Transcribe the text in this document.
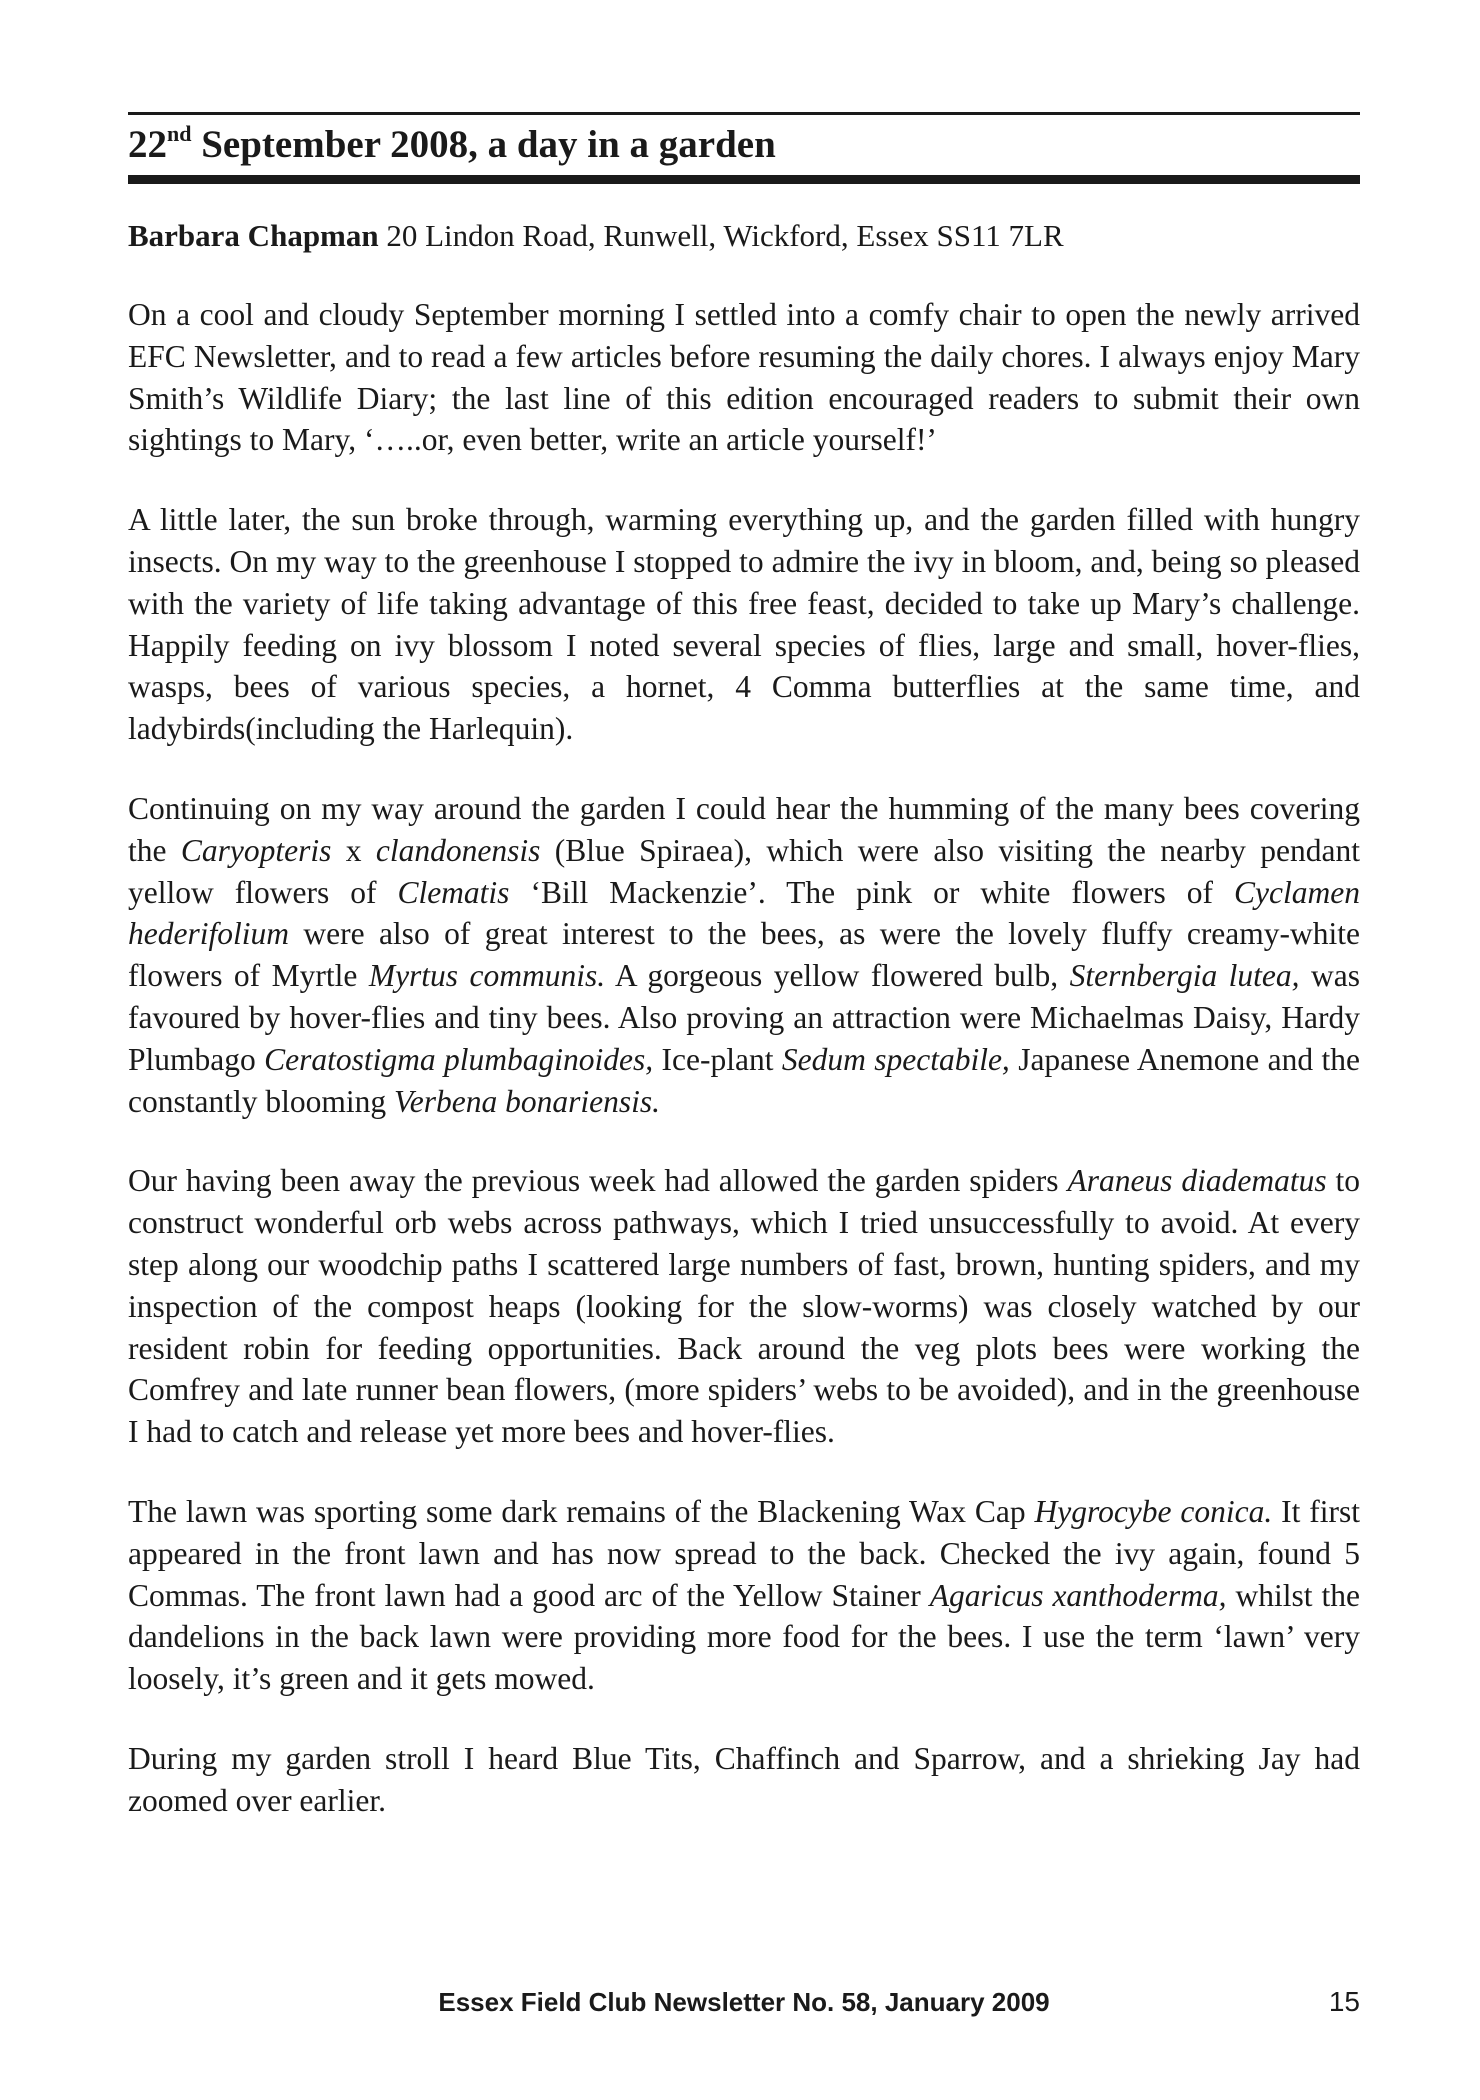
22nd September 2008, a day in a garden
Barbara Chapman 20 Lindon Road, Runwell, Wickford, Essex SS11 7LR

On a cool and cloudy September morning I settled into a comfy chair to open the newly arrived EFC Newsletter, and to read a few articles before resuming the daily chores. I always enjoy Mary Smith’s Wildlife Diary; the last line of this edition encouraged readers to submit their own sightings to Mary, ‘…..or, even better, write an article yourself!’

A little later, the sun broke through, warming everything up, and the garden filled with hungry insects. On my way to the greenhouse I stopped to admire the ivy in bloom, and, being so pleased with the variety of life taking advantage of this free feast, decided to take up Mary’s challenge. Happily feeding on ivy blossom I noted several species of flies, large and small, hover-flies, wasps, bees of various species, a hornet, 4 Comma butterflies at the same time, and ladybirds(including the Harlequin).

Continuing on my way around the garden I could hear the humming of the many bees covering the Caryopteris x clandonensis (Blue Spiraea), which were also visiting the nearby pendant yellow flowers of Clematis ‘Bill Mackenzie’. The pink or white flowers of Cyclamen hederifolium were also of great interest to the bees, as were the lovely fluffy creamy-white flowers of Myrtle Myrtus communis. A gorgeous yellow flowered bulb, Sternbergia lutea, was favoured by hover-flies and tiny bees. Also proving an attraction were Michaelmas Daisy, Hardy Plumbago Ceratostigma plumbaginoides, Ice-plant Sedum spectabile, Japanese Anemone and the constantly blooming Verbena bonariensis.

Our having been away the previous week had allowed the garden spiders Araneus diadematus to construct wonderful orb webs across pathways, which I tried unsuccessfully to avoid. At every step along our woodchip paths I scattered large numbers of fast, brown, hunting spiders, and my inspection of the compost heaps (looking for the slow-worms) was closely watched by our resident robin for feeding opportunities. Back around the veg plots bees were working the Comfrey and late runner bean flowers, (more spiders’ webs to be avoided), and in the greenhouse I had to catch and release yet more bees and hover-flies.

The lawn was sporting some dark remains of the Blackening Wax Cap Hygrocybe conica. It first appeared in the front lawn and has now spread to the back. Checked the ivy again, found 5 Commas. The front lawn had a good arc of the Yellow Stainer Agaricus xanthoderma, whilst the dandelions in the back lawn were providing more food for the bees. I use the term ‘lawn’ very loosely, it’s green and it gets mowed.

During my garden stroll I heard Blue Tits, Chaffinch and Sparrow, and a shrieking Jay had zoomed over earlier.

Essex Field Club Newsletter No. 58, January 2009	15
